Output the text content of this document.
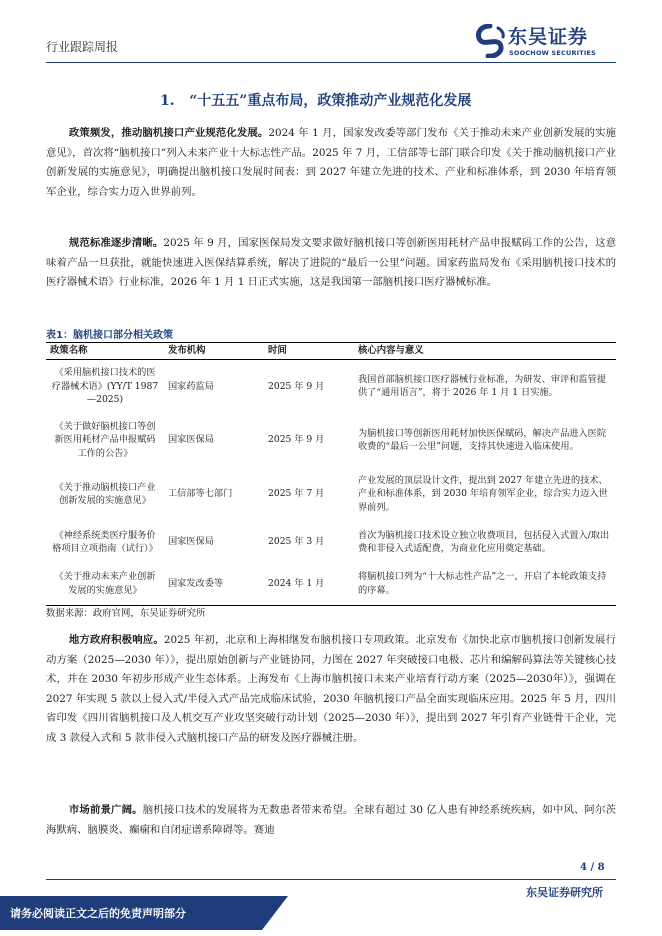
行业跟踪周报	东吴证券
SOOCHOW SECURITIES
1.   “十五五”重点布局，政策推动产业规范化发展

政策频发，推动脑机接口产业规范化发展。2024 年 1 月，国家发改委等部门发布《关于推动未来产业创新发展的实施意见》，首次将“脑机接口”列入未来产业十大标志性产品。2025 年 7 月，工信部等七部门联合印发《关于推动脑机接口产业创新发展的实施意见》，明确提出脑机接口发展时间表：到 2027 年建立先进的技术、产业和标准体系，到 2030 年培育领军企业，综合实力迈入世界前列。

规范标准逐步清晰。2025 年 9 月，国家医保局发文要求做好脑机接口等创新医用耗材产品申报赋码工作的公告，这意味着产品一旦获批，就能快速进入医保结算系统，解决了进院的“最后一公里”问题。国家药监局发布《采用脑机接口技术的医疗器械术语》行业标准，2026 年 1 月 1 日正式实施，这是我国第一部脑机接口医疗器械标准。

表1：脑机接口部分相关政策
政策名称	发布机构	时间	核心内容与意义
《采用脑机接口技术的医疗器械术语》(YY/T 1987—2025)	国家药监局	2025 年 9 月	我国首部脑机接口医疗器械行业标准，为研发、审评和监管提供了“通用语言”，将于 2026 年 1 月 1 日实施。
《关于做好脑机接口等创新医用耗材产品申报赋码工作的公告》	国家医保局	2025 年 9 月	为脑机接口等创新医用耗材加快医保赋码，解决产品进入医院收费的“最后一公里”问题，支持其快速进入临床使用。
《关于推动脑机接口产业创新发展的实施意见》	工信部等七部门	2025 年 7 月	产业发展的顶层设计文件，提出到 2027 年建立先进的技术、产业和标准体系，到 2030 年培育领军企业，综合实力迈入世界前列。
《神经系统类医疗服务价格项目立项指南（试行）》	国家医保局	2025 年 3 月	首次为脑机接口技术设立独立收费项目，包括侵入式置入/取出费和非侵入式适配费，为商业化应用奠定基础。
《关于推动未来产业创新发展的实施意见》	国家发改委等	2024 年 1 月	将脑机接口列为“十大标志性产品”之一，开启了本轮政策支持的序幕。
数据来源：政府官网，东吴证券研究所

地方政府积极响应。2025 年初，北京和上海相继发布脑机接口专项政策。北京发布《加快北京市脑机接口创新发展行动方案（2025—2030 年）》，提出原始创新与产业链协同，力图在 2027 年突破接口电极、芯片和编解码算法等关键核心技术，并在 2030 年初步形成产业生态体系。上海发布《上海市脑机接口未来产业培育行动方案（2025—2030年）》，强调在 2027 年实现 5 款以上侵入式/半侵入式产品完成临床试验，2030 年脑机接口产品全面实现临床应用。2025 年 5 月，四川省印发《四川省脑机接口及人机交互产业攻坚突破行动计划（2025—2030 年）》，提出到 2027 年引育产业链骨干企业，完成 3 款侵入式和 5 款非侵入式脑机接口产品的研发及医疗器械注册。

市场前景广阔。脑机接口技术的发展将为无数患者带来希望。全球有超过 30 亿人患有神经系统疾病，如中风、阿尔茨海默病、脑膜炎、癫痫和自闭症谱系障碍等。赛迪

4 / 8
东吴证券研究所
请务必阅读正文之后的免责声明部分
